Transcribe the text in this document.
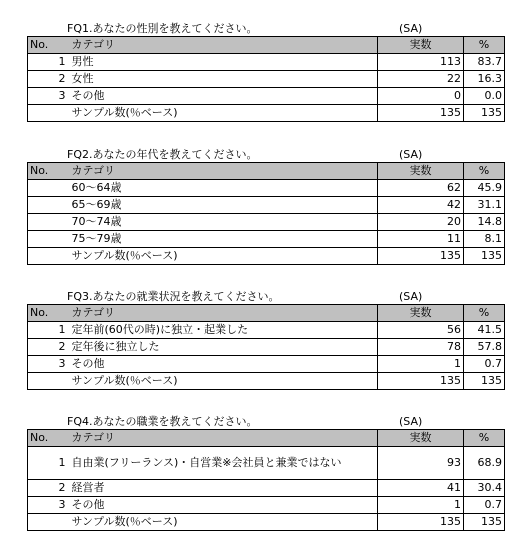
FQ1.あなたの性別を教えてください。	(SA)
No.	カテゴリ	実数	%
1	男性	113	83.7
2	女性	22	16.3
3	その他	0	0.0
	サンプル数(％ベース)	135	135
FQ2.あなたの年代を教えてください。	(SA)
No.	カテゴリ	実数	%
	60～64歳	62	45.9
	65～69歳	42	31.1
	70～74歳	20	14.8
	75～79歳	11	8.1
	サンプル数(％ベース)	135	135
FQ3.あなたの就業状況を教えてください。	(SA)
No.	カテゴリ	実数	%
1	定年前(60代の時)に独立・起業した	56	41.5
2	定年後に独立した	78	57.8
3	その他	1	0.7
	サンプル数(％ベース)	135	135
FQ4.あなたの職業を教えてください。	(SA)
No.	カテゴリ	実数	%
1	自由業(フリーランス)・自営業※会社員と兼業ではない	93	68.9
2	経営者	41	30.4
3	その他	1	0.7
	サンプル数(％ベース)	135	135
